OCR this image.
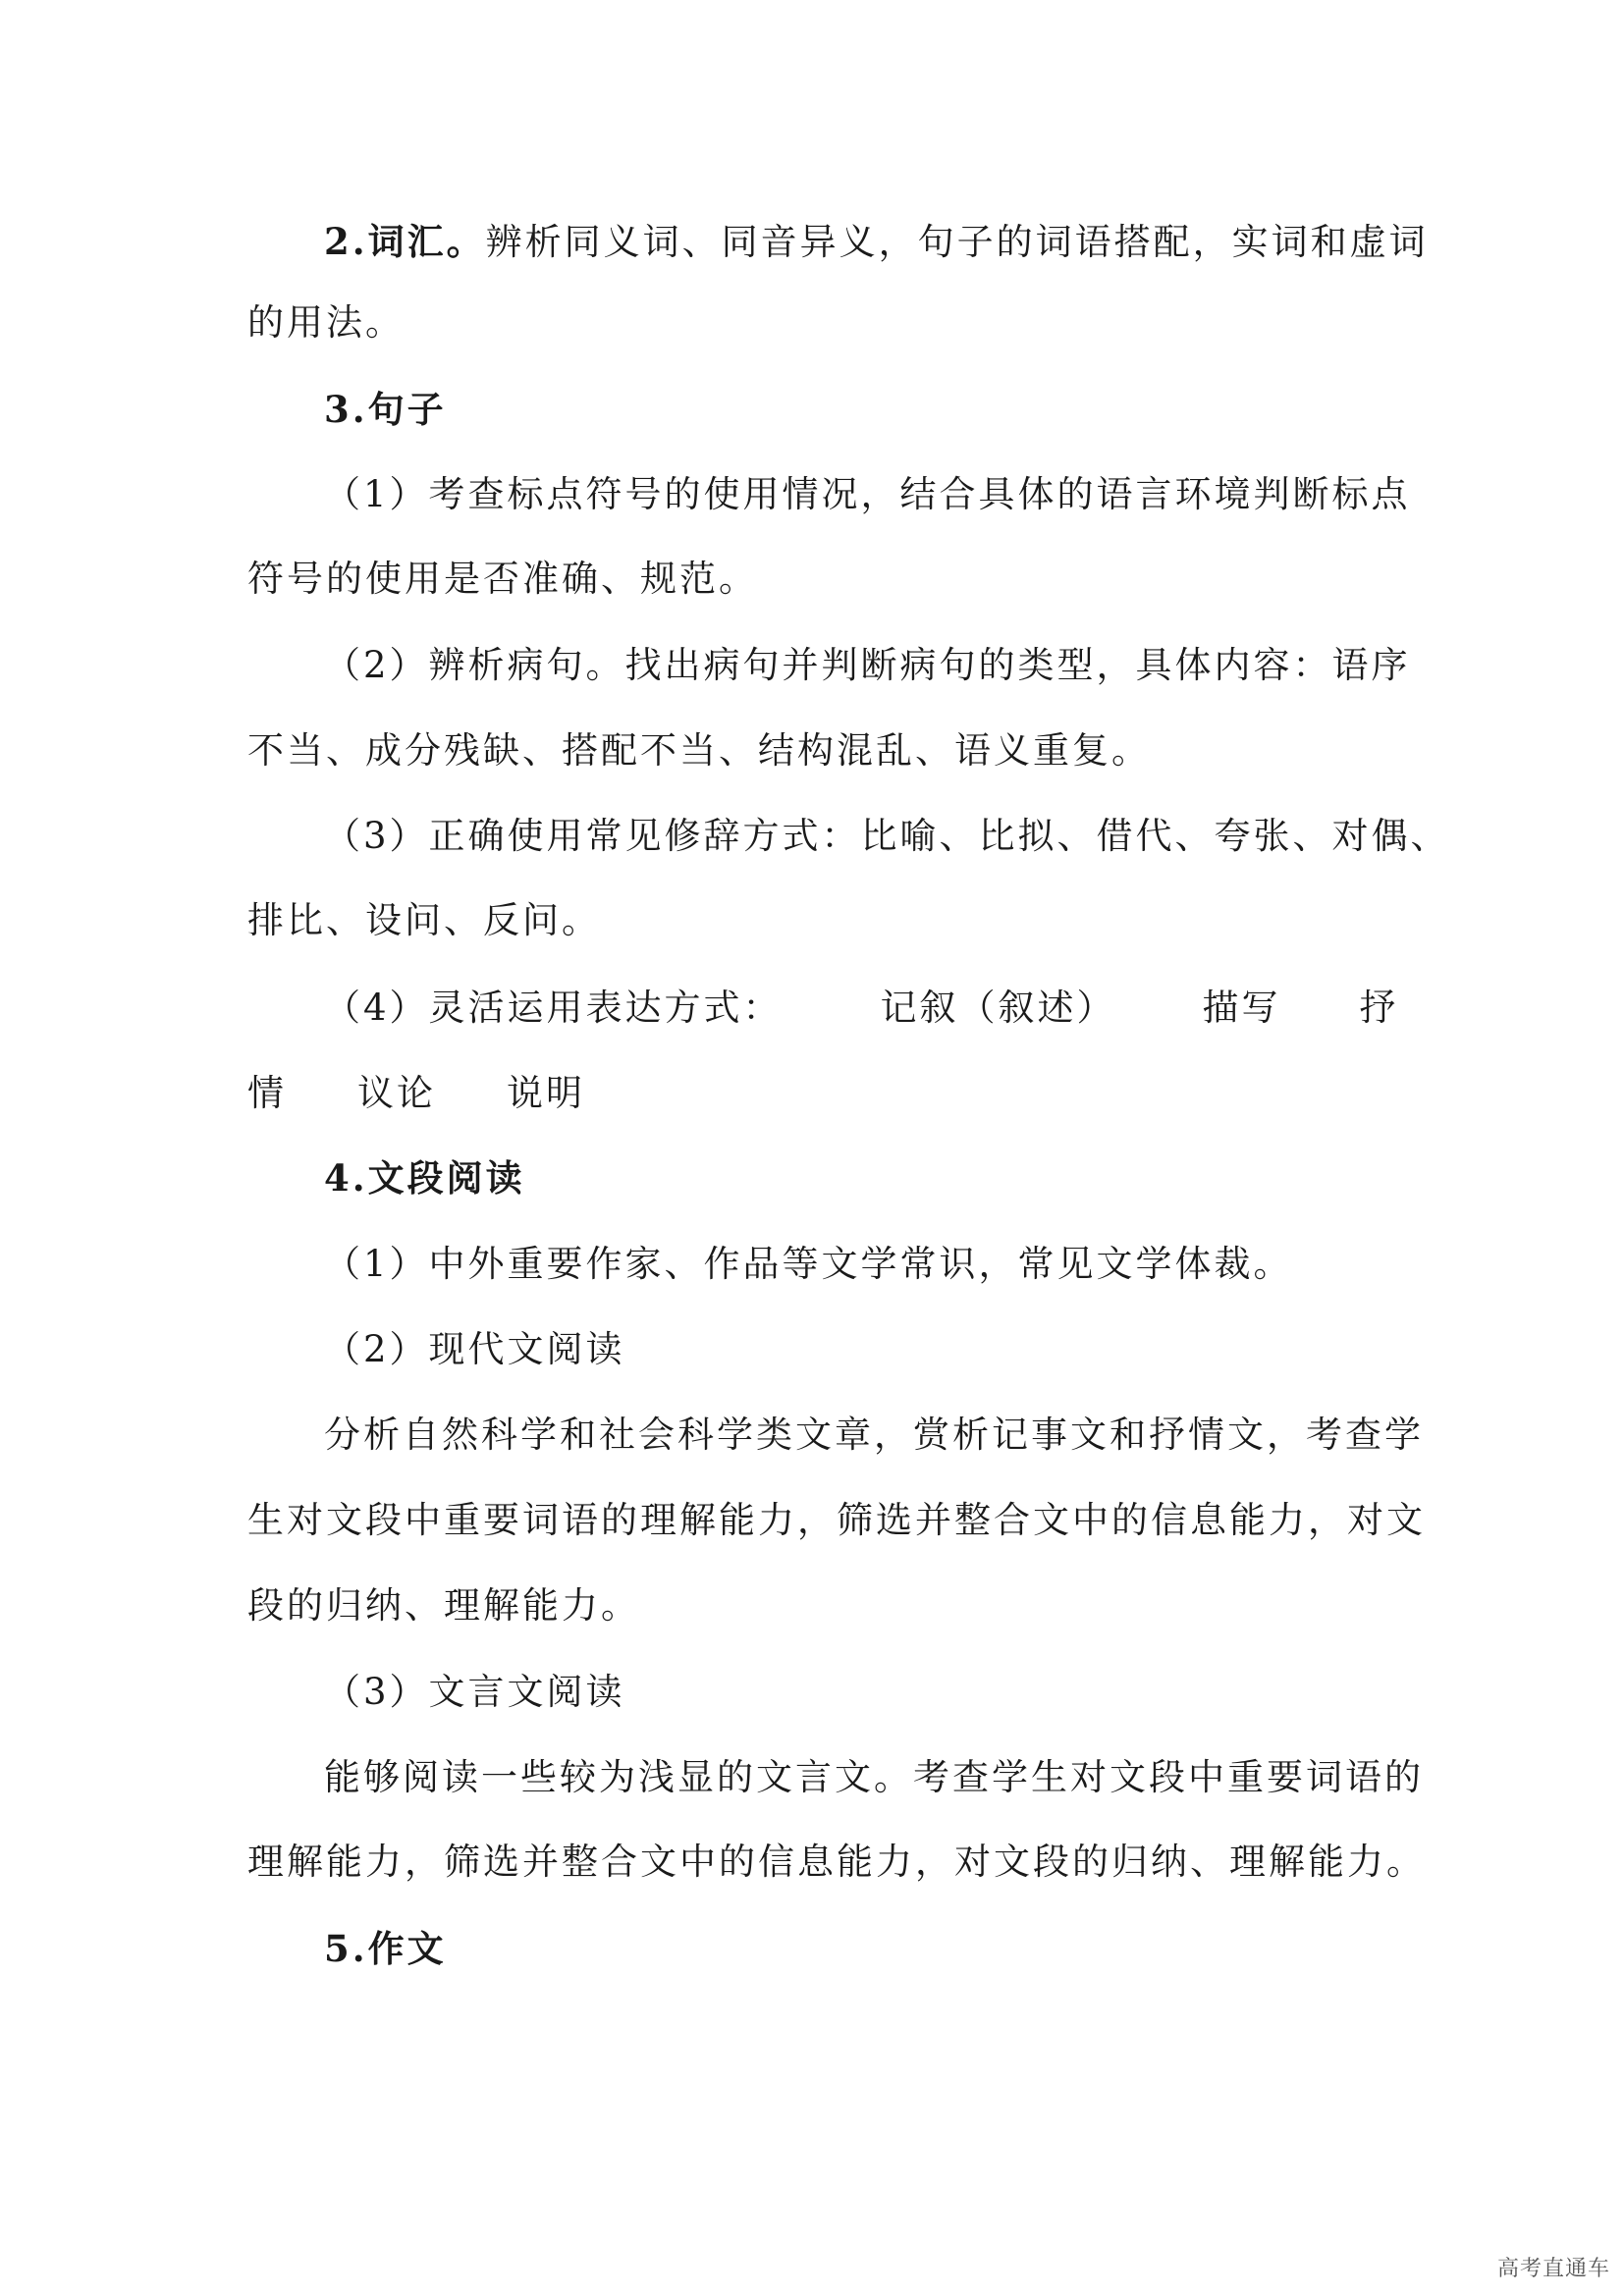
2.词汇。辨析同义词、同音异义，句子的词语搭配，实词和虚词
的用法。
3.句子
（1）考查标点符号的使用情况，结合具体的语言环境判断标点
符号的使用是否准确、规范。
（2）辨析病句。找出病句并判断病句的类型，具体内容：语序
不当、成分残缺、搭配不当、结构混乱、语义重复。
（3）正确使用常见修辞方式：比喻、比拟、借代、夸张、对偶、
排比、设问、反问。
（4）灵活运用表达方式：	记叙（叙述） 描写 抒
情 议论 说明
4.文段阅读
（1）中外重要作家、作品等文学常识，常见文学体裁。
（2）现代文阅读
分析自然科学和社会科学类文章，赏析记事文和抒情文，考查学
生对文段中重要词语的理解能力，筛选并整合文中的信息能力，对文
段的归纳、理解能力。
（3）文言文阅读
能够阅读一些较为浅显的文言文。考查学生对文段中重要词语的
理解能力，筛选并整合文中的信息能力，对文段的归纳、理解能力。
5.作文
高考直通车
